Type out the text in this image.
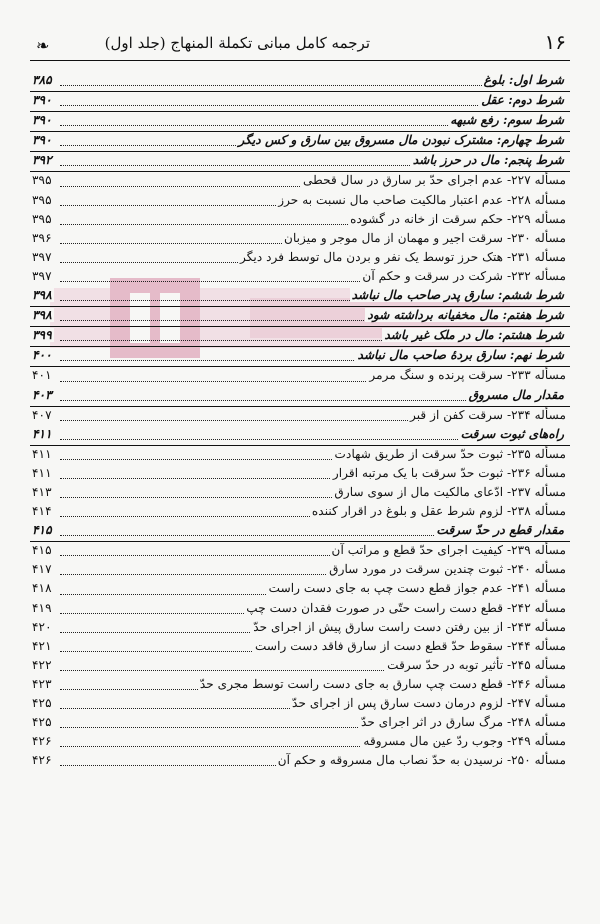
۱۶
ترجمه کامل مبانی تکملة المنهاج (جلد اول)
❧
شرط اول: بلوغ
۳۸۵
شرط دوم: عقل
۳۹۰
شرط سوم: رفع شبهه
۳۹۰
شرط چهارم: مشترک نبودن مال مسروق بین سارق و کس دیگر
۳۹۰
شرط پنجم: مال در حرز باشد
۳۹۲
مسأله ۲۲۷- عدم اجرای حدّ بر سارق در سال قحطی
۳۹۵
مسأله ۲۲۸- عدم اعتبار مالکیت صاحب مال نسبت به حرز
۳۹۵
مسأله ۲۲۹- حکم سرقت از خانه در گشوده
۳۹۵
مسأله ۲۳۰- سرقت اجیر و مهمان از مال موجر و میزبان
۳۹۶
مسأله ۲۳۱- هتک حرز توسط یک نفر و بردن مال توسط فرد دیگر
۳۹۷
مسأله ۲۳۲- شرکت در سرقت و حکم آن
۳۹۷
شرط ششم: سارق پدر صاحب مال نباشد
۳۹۸
شرط هفتم: مال مخفیانه برداشته شود
۳۹۸
شرط هشتم: مال در ملک غیر باشد
۳۹۹
شرط نهم: سارق بردهٔ صاحب مال نباشد
۴۰۰
مسأله ۲۳۳- سرقت پرنده و سنگ مرمر
۴۰۱
مقدار مال مسروق
۴۰۳
مسأله ۲۳۴- سرقت کفن از قبر
۴۰۷
راه‌های ثبوت سرقت
۴۱۱
مسأله ۲۳۵- ثبوت حدّ سرقت از طریق شهادت
۴۱۱
مسأله ۲۳۶- ثبوت حدّ سرقت با یک مرتبه اقرار
۴۱۱
مسأله ۲۳۷- ادّعای مالکیت مال از سوی سارق
۴۱۳
مسأله ۲۳۸- لزوم شرط عقل و بلوغ در اقرار کننده
۴۱۴
مقدار قطع در حدّ سرقت
۴۱۵
مسأله ۲۳۹- کیفیت اجرای حدّ قطع و مراتب آن
۴۱۵
مسأله ۲۴۰- ثبوت چندین سرقت در مورد سارق
۴۱۷
مسأله ۲۴۱- عدم جواز قطع دست چپ به جای دست راست
۴۱۸
مسأله ۲۴۲- قطع دست راست حتّی در صورت فقدان دست چپ
۴۱۹
مسأله ۲۴۳- از بین رفتن دست راست سارق پیش از اجرای حدّ
۴۲۰
مسأله ۲۴۴- سقوط حدّ قطع دست از سارق فاقد دست راست
۴۲۱
مسأله ۲۴۵- تأثیر توبه در حدّ سرقت
۴۲۲
مسأله ۲۴۶- قطع دست چپ سارق به جای دست راست توسط مجری حدّ
۴۲۳
مسأله ۲۴۷- لزوم درمان دست سارق پس از اجرای حدّ
۴۲۵
مسأله ۲۴۸- مرگ سارق در اثر اجرای حدّ
۴۲۵
مسأله ۲۴۹- وجوب ردّ عین مال مسروقه
۴۲۶
مسأله ۲۵۰- نرسیدن به حدّ نصاب مال مسروقه و حکم آن
۴۲۶
